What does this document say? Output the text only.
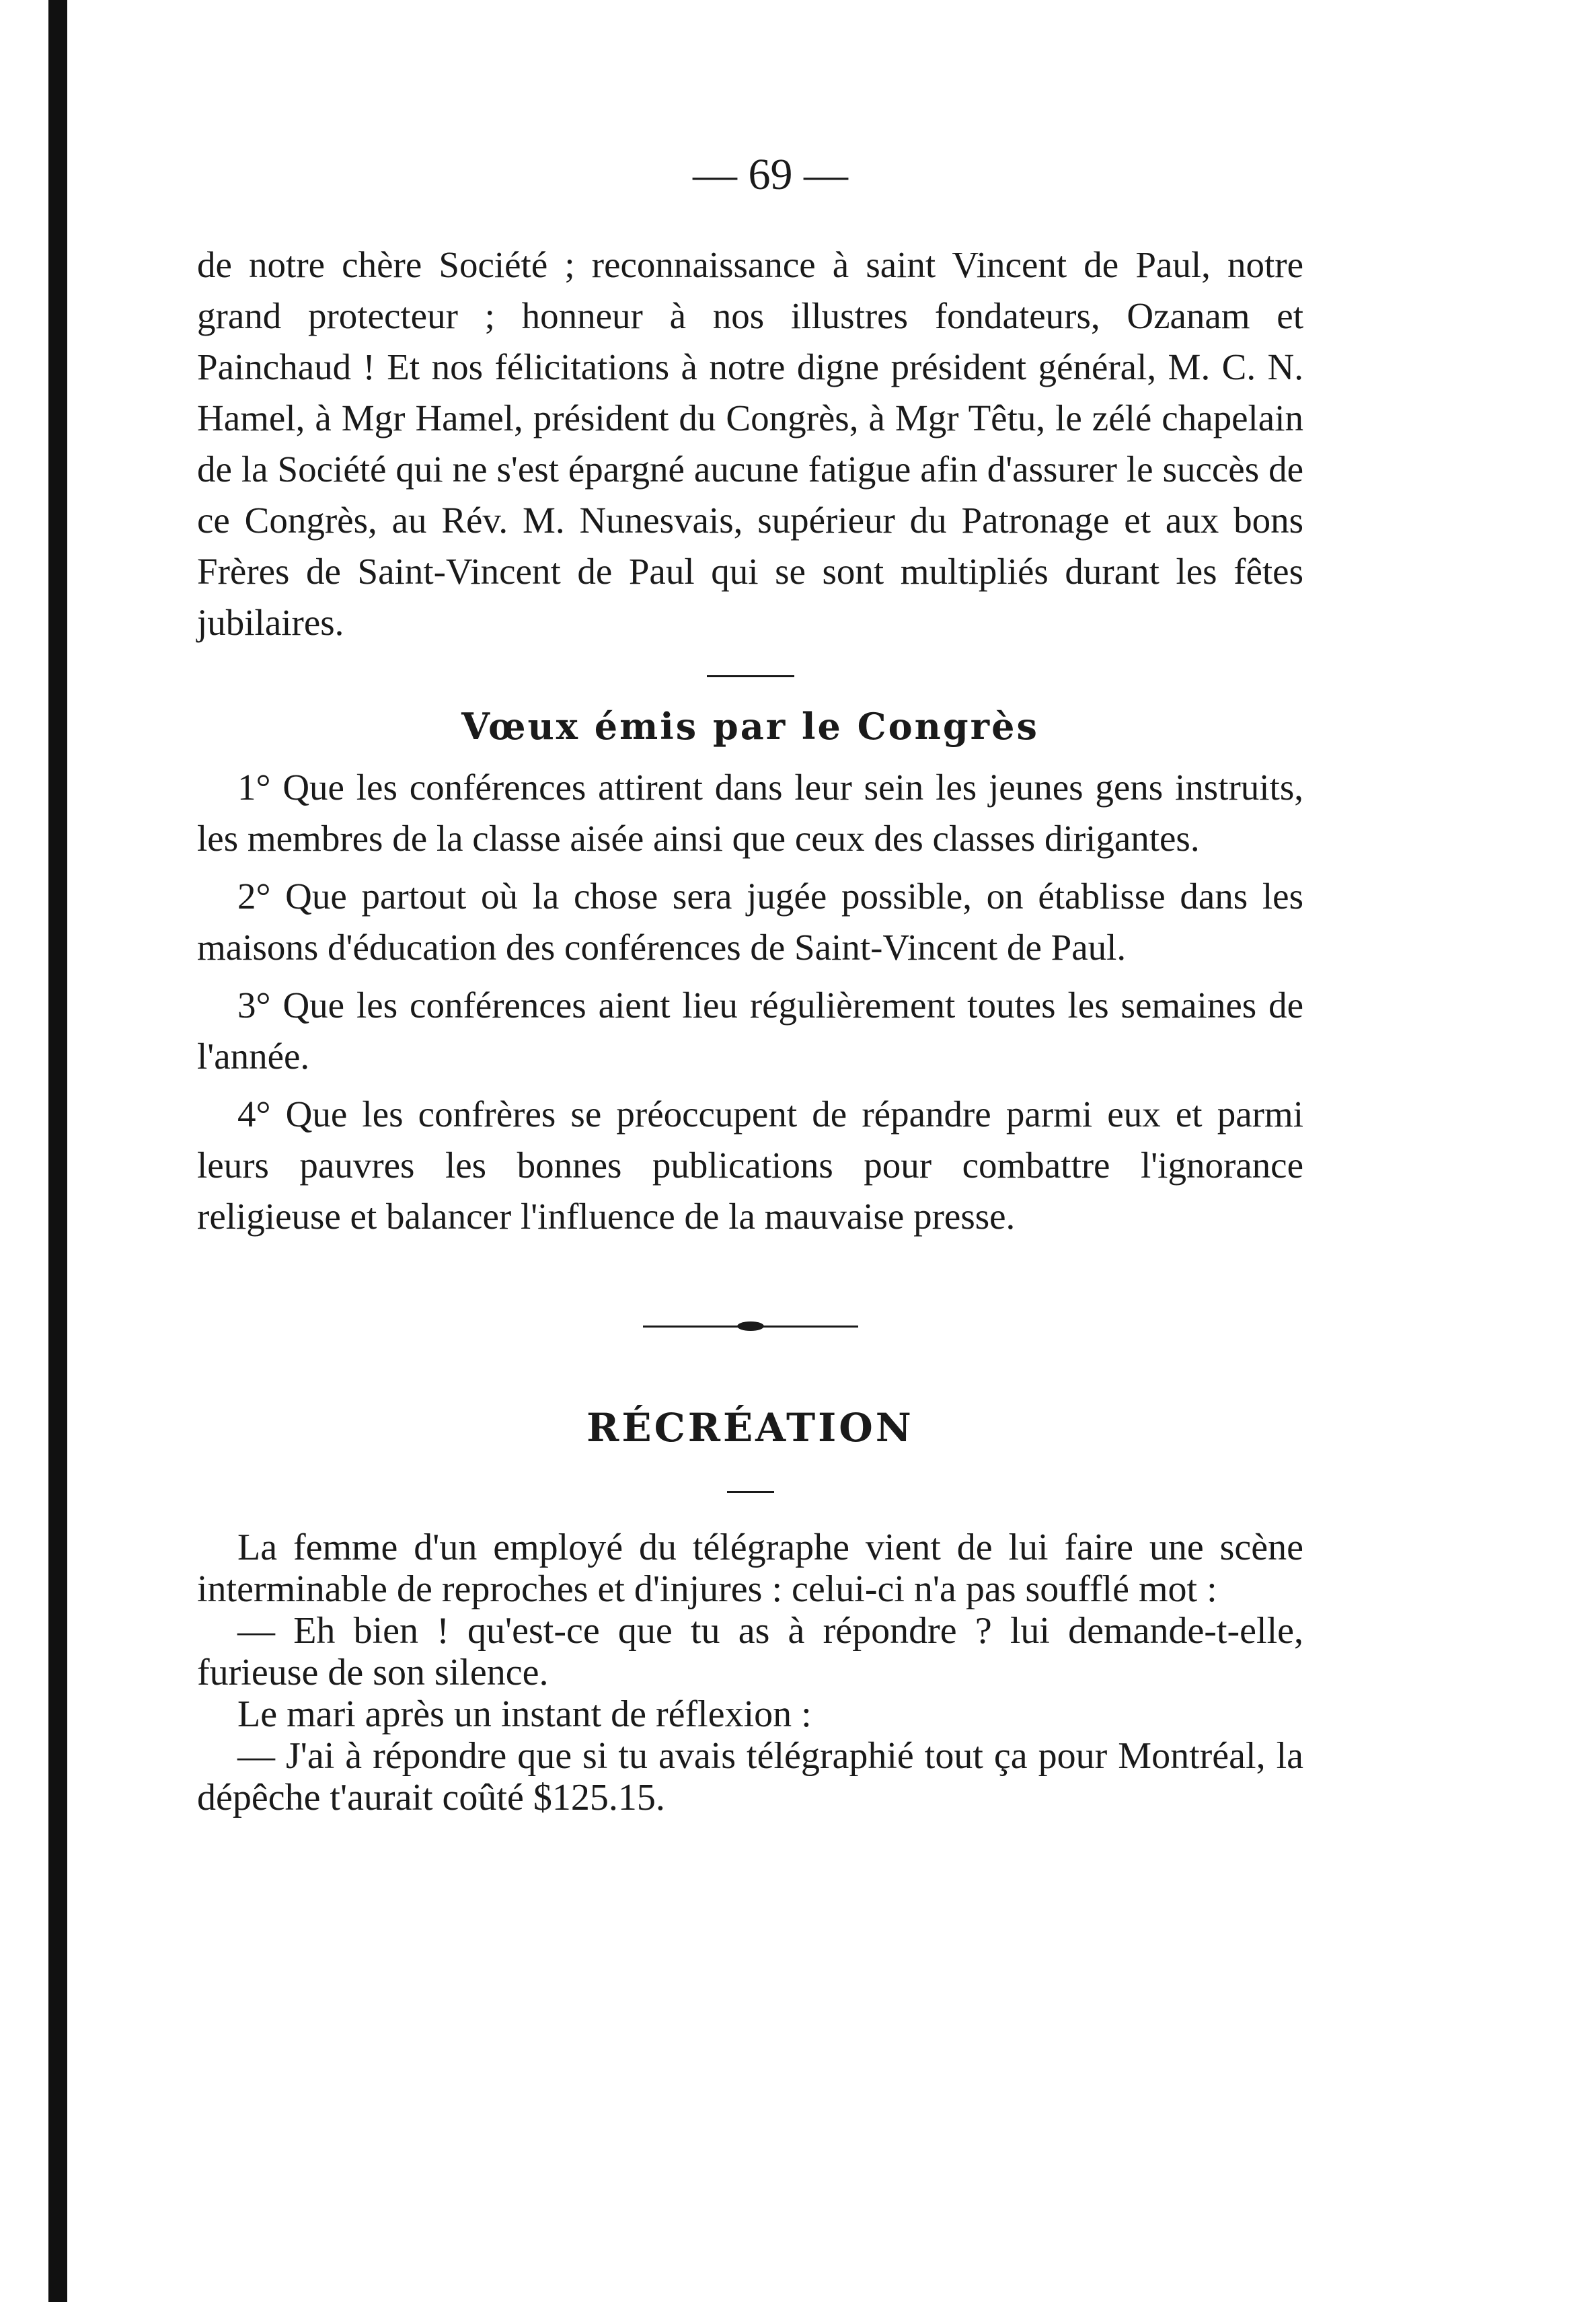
— 69 —

de notre chère Société ; reconnaissance à saint Vincent de Paul, notre grand protecteur ; honneur à nos illustres fondateurs, Ozanam et Painchaud ! Et nos félicitations à notre digne président général, M. C. N. Hamel, à Mgr Hamel, président du Congrès, à Mgr Têtu, le zélé chapelain de la Société qui ne s'est épargné aucune fatigue afin d'assurer le succès de ce Congrès, au Rév. M. Nunesvais, supérieur du Patronage et aux bons Frères de Saint-Vincent de Paul qui se sont multipliés durant les fêtes jubilaires.

Vœux émis par le Congrès

1° Que les conférences attirent dans leur sein les jeunes gens instruits, les membres de la classe aisée ainsi que ceux des classes dirigantes.

2° Que partout où la chose sera jugée possible, on établisse dans les maisons d'éducation des conférences de Saint-Vincent de Paul.

3° Que les conférences aient lieu régulièrement toutes les semaines de l'année.

4° Que les confrères se préoccupent de répandre parmi eux et parmi leurs pauvres les bonnes publications pour combattre l'ignorance religieuse et balancer l'influence de la mauvaise presse.

RÉCRÉATION

La femme d'un employé du télégraphe vient de lui faire une scène interminable de reproches et d'injures : celui-ci n'a pas soufflé mot :

— Eh bien ! qu'est-ce que tu as à répondre ? lui demande-t-elle, furieuse de son silence.

Le mari après un instant de réflexion :

— J'ai à répondre que si tu avais télégraphié tout ça pour Montréal, la dépêche t'aurait coûté $125.15.
